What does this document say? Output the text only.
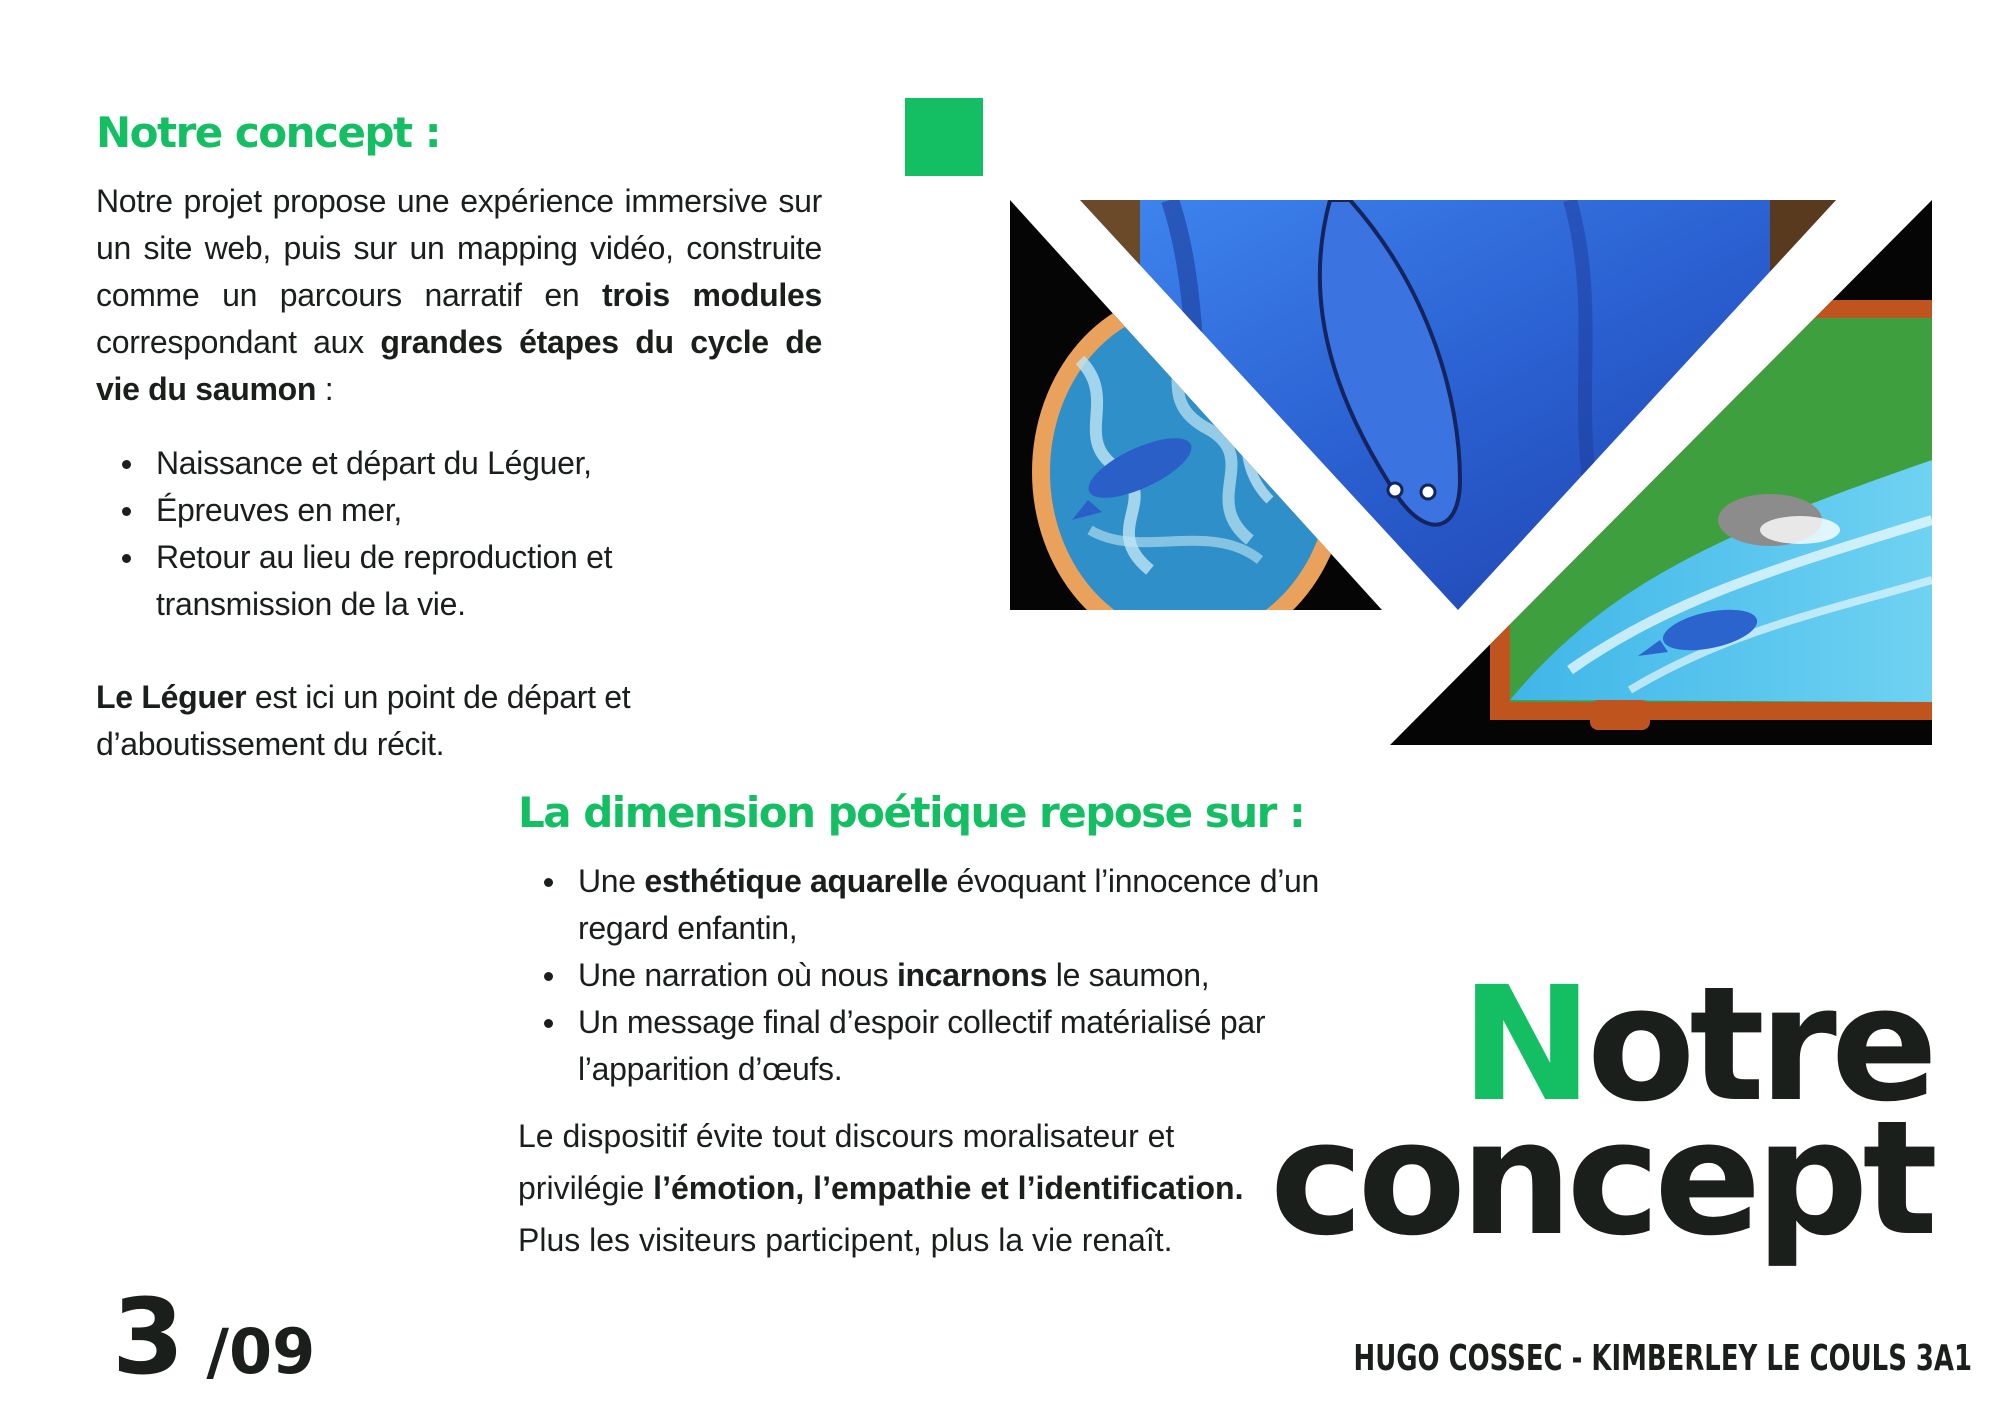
Notre concept :

Notre projet propose une expérience immersive sur un site web, puis sur un mapping vidéo, construite comme un parcours narratif en trois modules correspondant aux grandes étapes du cycle de vie du saumon :

Naissance et départ du Léguer,
Épreuves en mer,
Retour au lieu de reproduction et transmission de la vie.

Le Léguer est ici un point de départ et d’aboutissement du récit.

La dimension poétique repose sur :
Une esthétique aquarelle évoquant l’innocence d’un regard enfantin,
Une narration où nous incarnons le saumon,
Un message final d’espoir collectif matérialisé par l’apparition d’œufs.

Le dispositif évite tout discours moralisateur et privilégie l’émotion, l’empathie et l’identification. Plus les visiteurs participent, plus la vie renaît.

Notre
concept

3 /09	HUGO COSSEC - KIMBERLEY LE COULS 3A1
